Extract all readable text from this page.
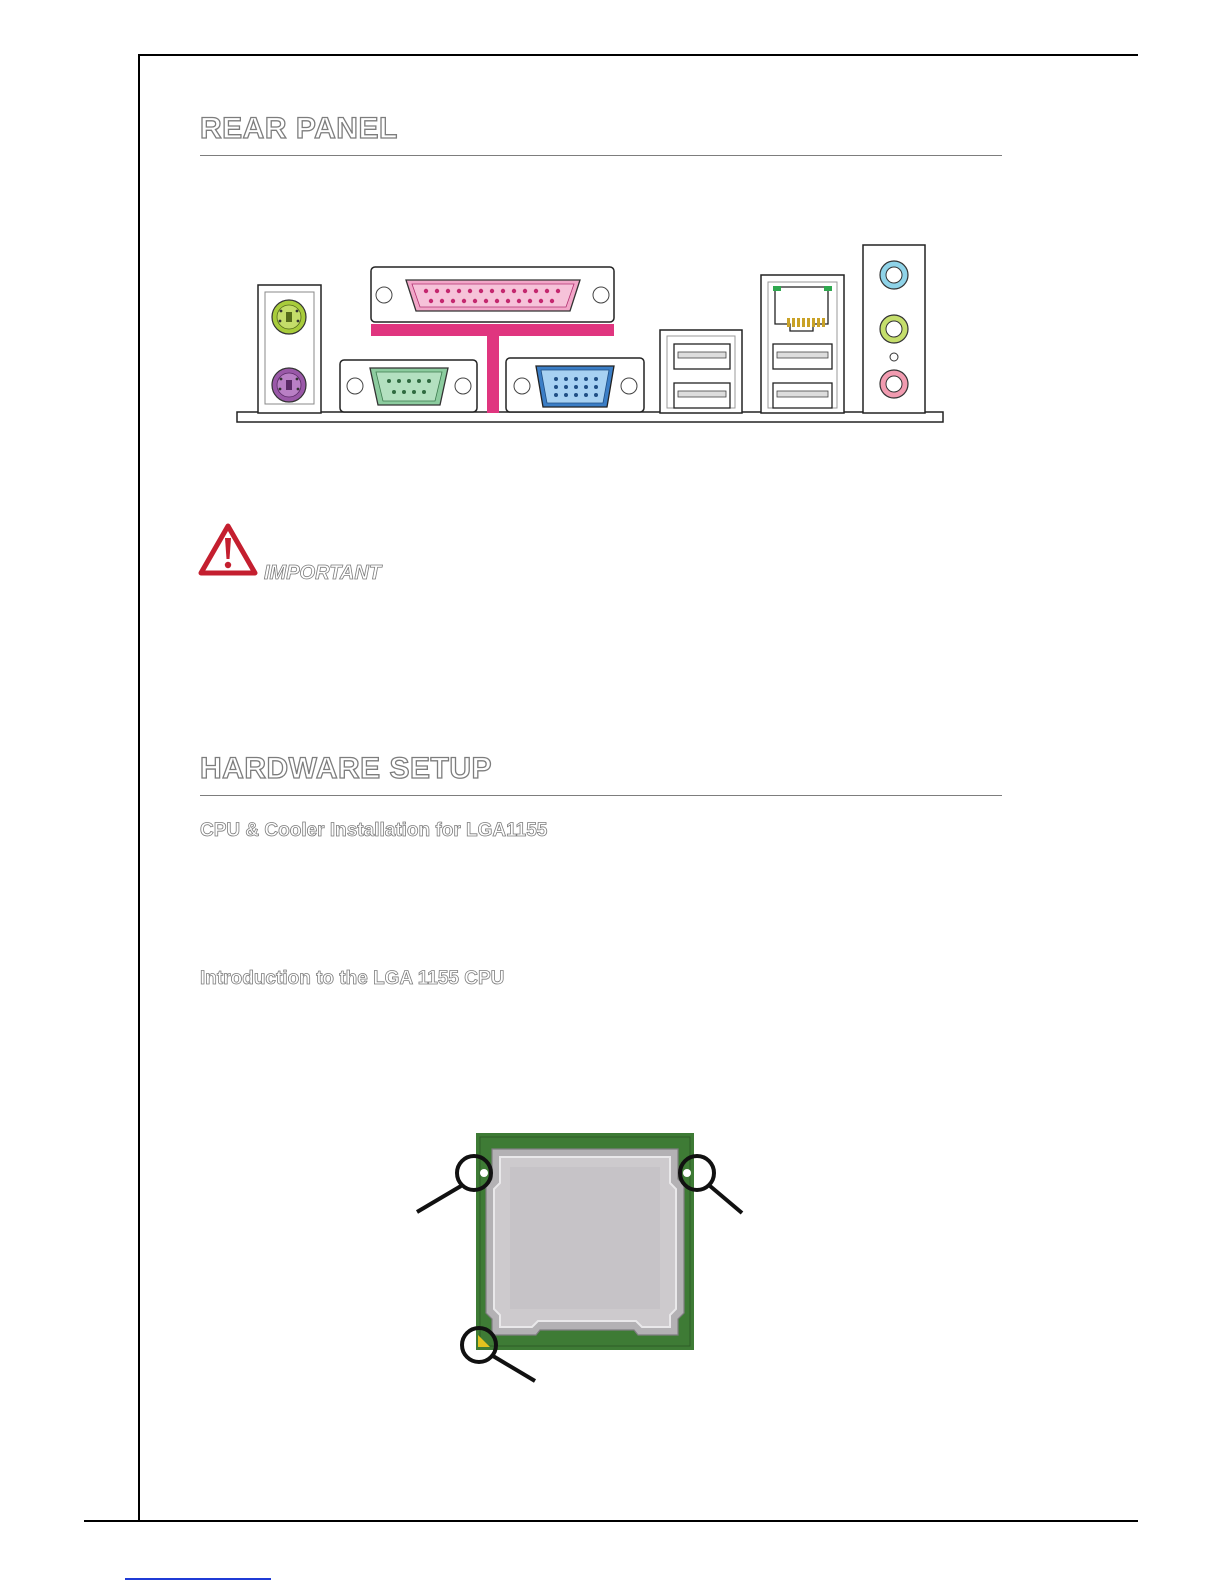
REAR PANEL
IMPORTANT
HARDWARE SETUP
CPU & Cooler Installation for LGA1155
Introduction to the LGA 1155 CPU
